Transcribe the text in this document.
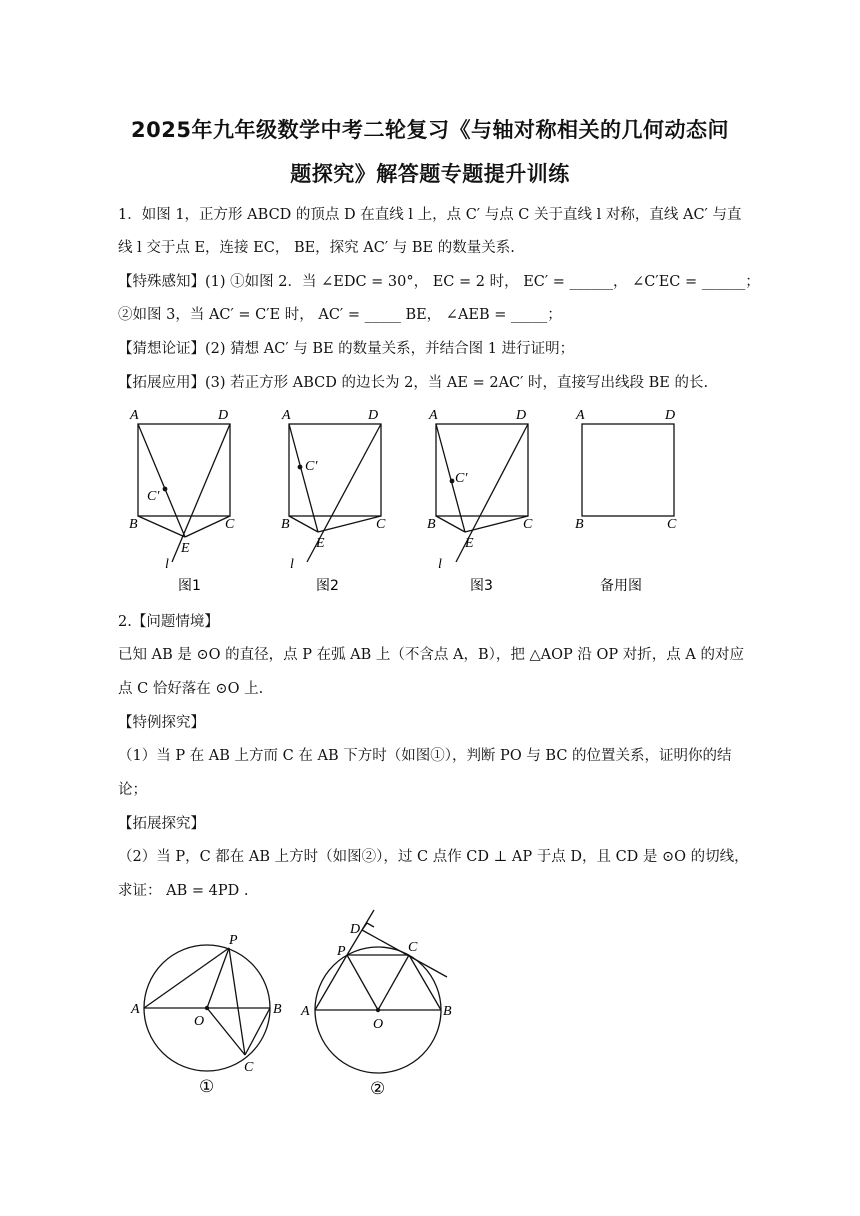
2025年九年级数学中考二轮复习《与轴对称相关的几何动态问
题探究》解答题专题提升训练
1．如图 1，正方形 ABCD 的顶点 D 在直线 l 上，点 C′ 与点 C 关于直线 l 对称，直线 AC′ 与直
线 l 交于点 E，连接 EC， BE，探究 AC′ 与 BE 的数量关系.
【特殊感知】(1) ①如图 2．当 ∠EDC = 30°， EC = 2 时， EC′ = ______， ∠C′EC = ______；
②如图 3，当 AC′ = C′E 时， AC′ = _____ BE， ∠AEB = _____；
【猜想论证】(2) 猜想 AC′ 与 BE 的数量关系，并结合图 1 进行证明；
【拓展应用】(3) 若正方形 ABCD 的边长为 2，当 AE = 2AC′ 时，直接写出线段 BE 的长.
A	D
B	C
E
C′
l
A	D
B	C
E
C′
l
A	D
B	C
E
C′
l
A	D
B	C
图1	图2	图3	备用图
2.【问题情境】
已知 AB 是 ⊙O 的直径，点 P 在弧 AB 上（不含点 A，B），把 △AOP 沿 OP 对折，点 A 的对应
点 C 恰好落在 ⊙O 上.
【特例探究】
（1）当 P 在 AB 上方而 C 在 AB 下方时（如图①），判断 PO 与 BC 的位置关系，证明你的结
论；
【拓展探究】
（2）当 P，C 都在 AB 上方时（如图②），过 C 点作 CD ⊥ AP 于点 D，且 CD 是 ⊙O 的切线，
求证： AB = 4PD .
A	B
P
O
C
①
A	B
P
D
C
O
②
